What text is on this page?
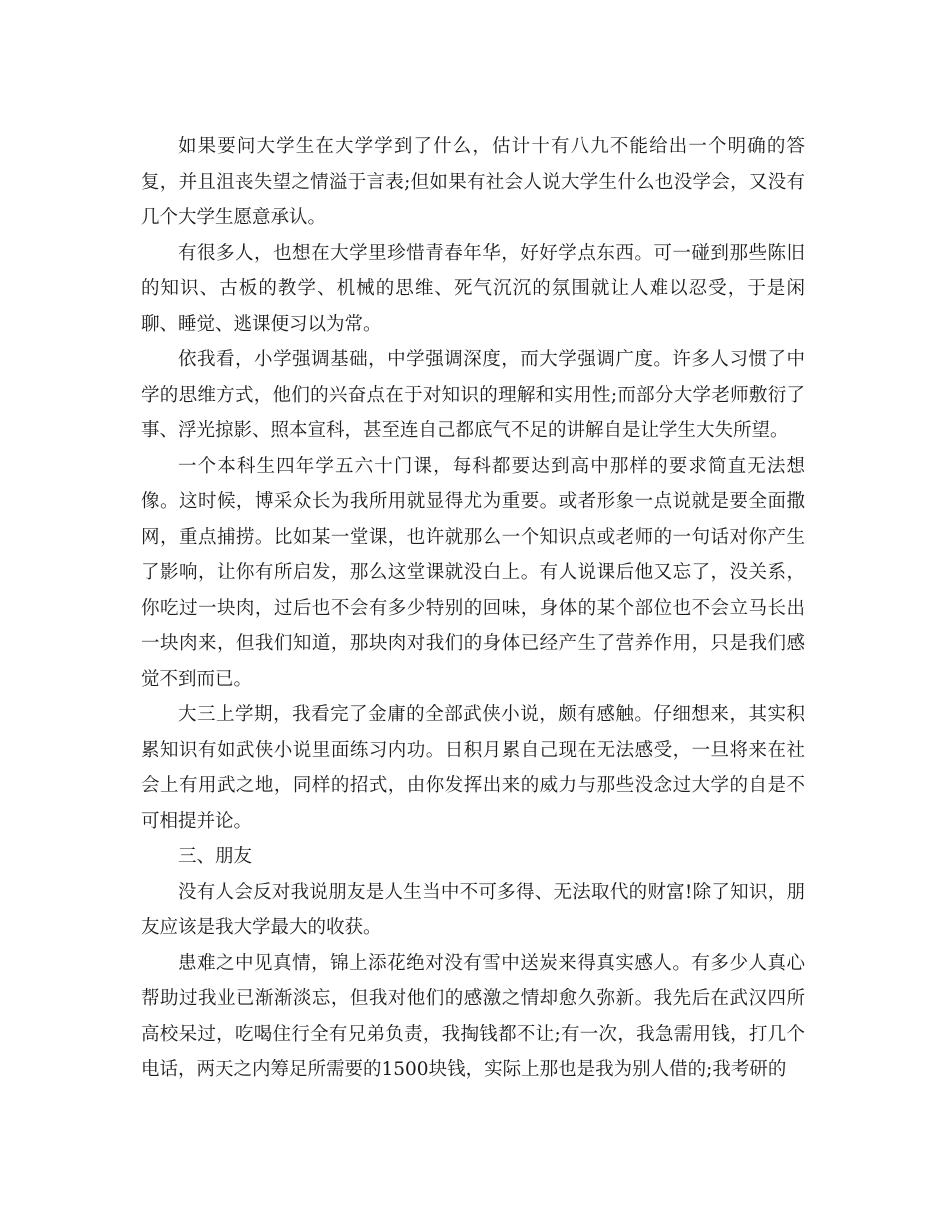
如果要问大学生在大学学到了什么，估计十有八九不能给出一个明确的答复，并且沮丧失望之情溢于言表;但如果有社会人说大学生什么也没学会，又没有几个大学生愿意承认。

有很多人，也想在大学里珍惜青春年华，好好学点东西。可一碰到那些陈旧的知识、古板的教学、机械的思维、死气沉沉的氛围就让人难以忍受，于是闲聊、睡觉、逃课便习以为常。

依我看，小学强调基础，中学强调深度，而大学强调广度。许多人习惯了中学的思维方式，他们的兴奋点在于对知识的理解和实用性;而部分大学老师敷衍了事、浮光掠影、照本宣科，甚至连自己都底气不足的讲解自是让学生大失所望。

一个本科生四年学五六十门课，每科都要达到高中那样的要求简直无法想像。这时候，博采众长为我所用就显得尤为重要。或者形象一点说就是要全面撒网，重点捕捞。比如某一堂课，也许就那么一个知识点或老师的一句话对你产生了影响，让你有所启发，那么这堂课就没白上。有人说课后他又忘了，没关系，你吃过一块肉，过后也不会有多少特别的回味，身体的某个部位也不会立马长出一块肉来，但我们知道，那块肉对我们的身体已经产生了营养作用，只是我们感觉不到而已。

大三上学期，我看完了金庸的全部武侠小说，颇有感触。仔细想来，其实积累知识有如武侠小说里面练习内功。日积月累自己现在无法感受，一旦将来在社会上有用武之地，同样的招式，由你发挥出来的威力与那些没念过大学的自是不可相提并论。

三、朋友

没有人会反对我说朋友是人生当中不可多得、无法取代的财富!除了知识，朋友应该是我大学最大的收获。

患难之中见真情，锦上添花绝对没有雪中送炭来得真实感人。有多少人真心帮助过我业已渐渐淡忘，但我对他们的感激之情却愈久弥新。我先后在武汉四所高校呆过，吃喝住行全有兄弟负责，我掏钱都不让;有一次，我急需用钱，打几个电话，两天之内筹足所需要的1500块钱，实际上那也是我为别人借的;我考研的
